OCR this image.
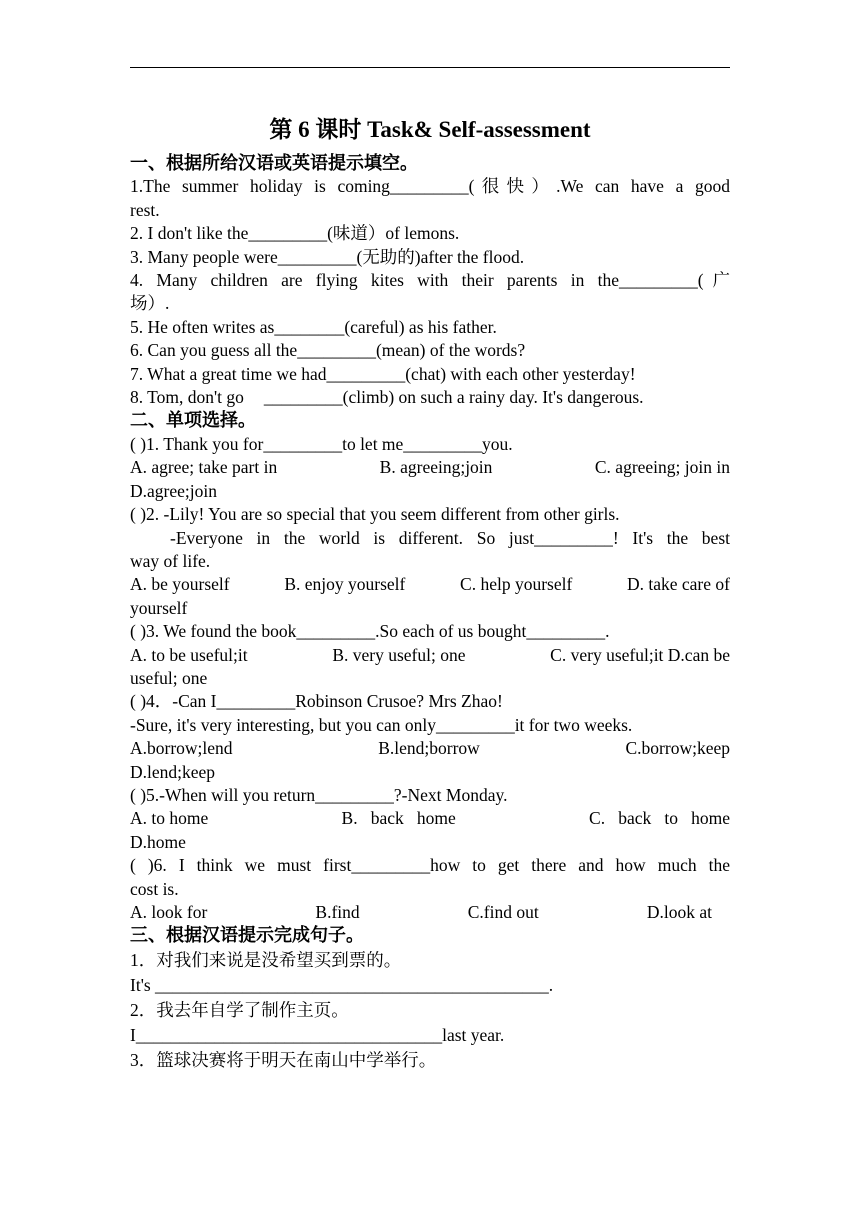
第 6 课时 Task& Self-assessment
一、根据所给汉语或英语提示填空。
1.The summer holiday is coming_________(很快）.We can have a good
rest.
2. I don't like the_________(味道）of lemons.
3. Many people were_________(无助的)after the flood.
4. Many children are flying kites with their parents in the_________(广
场）.
5. He often writes as________(careful) as his father.
6. Can you guess all the_________(mean) of the words?
7. What a great time we had_________(chat) with each other yesterday!
8. Tom, don't go _________(climb) on such a rainy day. It's dangerous.
二、单项选择。
( )1. Thank you for_________to let me_________you.
A. agree; take part in	B. agreeing;join	C. agreeing; join in
D.agree;join
( )2. -Lily! You are so special that you seem different from other girls.
-Everyone in the world is different. So just_________! It's the best
way of life.
A. be yourself	B. enjoy yourself	C. help yourself	D. take care of
yourself
( )3. We found the book_________.So each of us bought_________.
A. to be useful;it	B. very useful; one	C. very useful;it D.can be
useful; one
( )4．-Can I_________Robinson Crusoe? Mrs Zhao!
-Sure, it's very interesting, but you can only_________it for two weeks.
A.borrow;lend	B.lend;borrow	C.borrow;keep
D.lend;keep
( )5.-When will you return_________?-Next Monday.
A. to home	B.   back   home	C.   back   to   home
D.home
( )6. I think we must first_________how to get there and how much the
cost is.
A. look for	B.find	C.find out	D.look at
三、根据汉语提示完成句子。
1．对我们来说是没希望买到票的。
It's _____________________________________________.
2．我去年自学了制作主页。
I___________________________________last year.
3．篮球决赛将于明天在南山中学举行。
